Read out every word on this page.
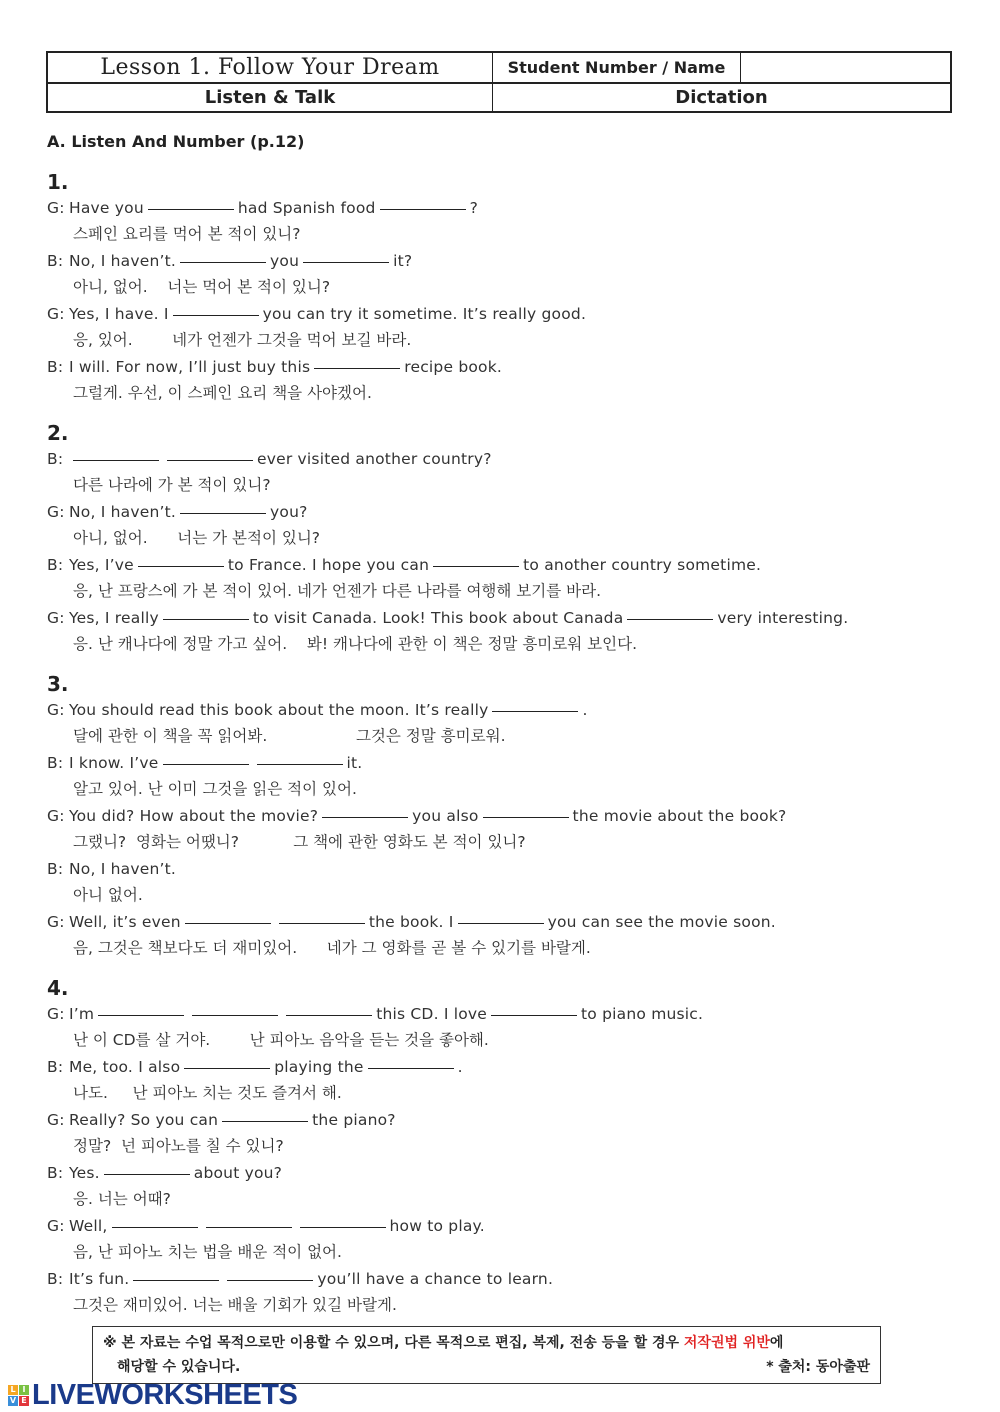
Lesson 1. Follow Your Dream	Student Number / Name
Listen & Talk	Dictation
A. Listen And Number (p.12)
1.
G: Have you	had Spanish food	?
스페인 요리를 먹어 본 적이 있니?
B: No, I haven’t.	you	it?
아니, 없어.    너는 먹어 본 적이 있니?
G: Yes, I have. I	you can try it sometime. It’s really good.
응, 있어.        네가 언젠가 그것을 먹어 보길 바라.
B: I will. For now, I’ll just buy this	recipe book.
그럴게. 우선, 이 스페인 요리 책을 사야겠어.
2.
B:	ever visited another country?
다른 나라에 가 본 적이 있니?
G: No, I haven’t.	you?
아니, 없어.      너는 가 본적이 있니?
B: Yes, I’ve	to France. I hope you can	to another country sometime.
응, 난 프랑스에 가 본 적이 있어. 네가 언젠가 다른 나라를 여행해 보기를 바라.
G: Yes, I really	to visit Canada. Look! This book about Canada	very interesting.
응. 난 캐나다에 정말 가고 싶어.    봐! 캐나다에 관한 이 책은 정말 흥미로워 보인다.
3.
G: You should read this book about the moon. It’s really	.
달에 관한 이 책을 꼭 읽어봐.                  그것은 정말 흥미로워.
B: I know. I’ve	it.
알고 있어. 난 이미 그것을 읽은 적이 있어.
G: You did? How about the movie?	you also	the movie about the book?
그랬니?  영화는 어땠니?           그 책에 관한 영화도 본 적이 있니?
B: No, I haven’t.
아니 없어.
G: Well, it’s even	the book. I	you can see the movie soon.
음, 그것은 책보다도 더 재미있어.      네가 그 영화를 곧 볼 수 있기를 바랄게.
4.
G: I’m	this CD. I love	to piano music.
난 이 CD를 살 거야.        난 피아노 음악을 듣는 것을 좋아해.
B: Me, too. I also	playing the	.
나도.     난 피아노 치는 것도 즐겨서 해.
G: Really? So you can	the piano?
정말?  넌 피아노를 칠 수 있니?
B: Yes.	about you?
응. 너는 어때?
G: Well,	how to play.
음, 난 피아노 치는 법을 배운 적이 없어.
B: It’s fun.	you’ll have a chance to learn.
그것은 재미있어. 너는 배울 기회가 있길 바랄게.
※ 본 자료는 수업 목적으로만 이용할 수 있으며, 다른 목적으로 편집, 복제, 전송 등을 할 경우 저작권법 위반에
해당할 수 있습니다.	* 출처: 동아출판
L I
V E LIVEWORKSHEETS
